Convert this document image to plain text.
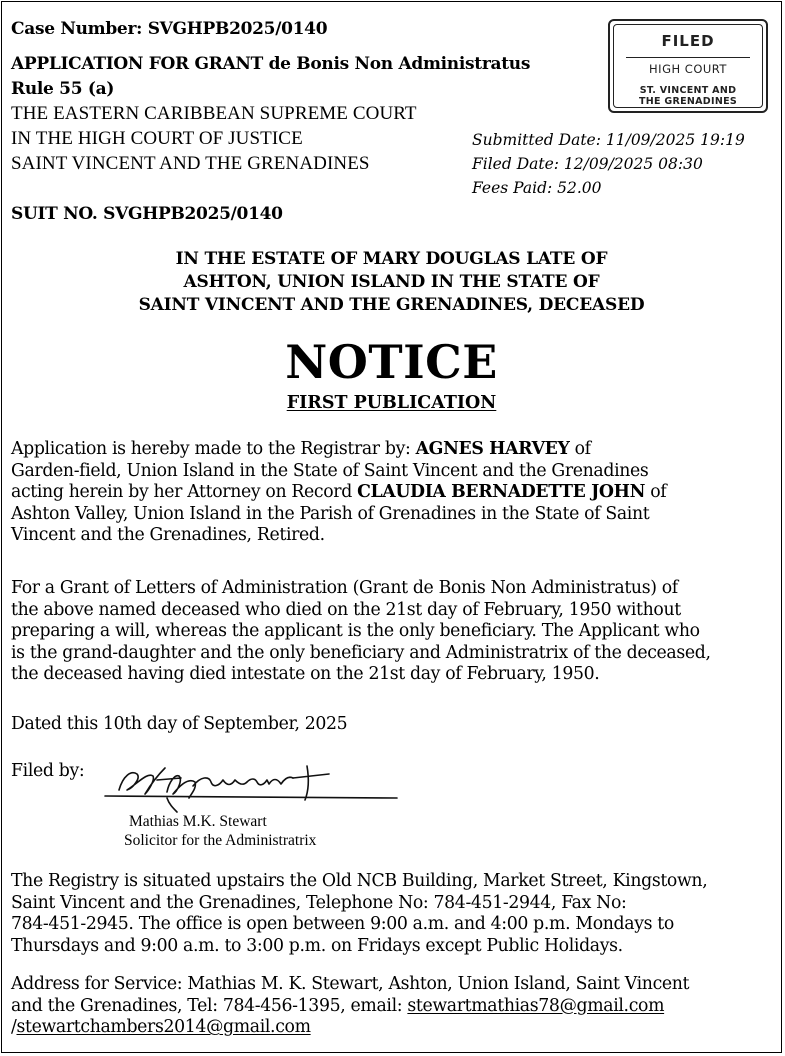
Case Number: SVGHPB2025/0140
APPLICATION FOR GRANT de Bonis Non Administratus
Rule 55 (a)
THE EASTERN CARIBBEAN SUPREME COURT
IN THE HIGH COURT OF JUSTICE
SAINT VINCENT AND THE GRENADINES
FILED
HIGH COURT
ST. VINCENT AND
THE GRENADINES
Submitted Date: 11/09/2025 19:19
Filed Date: 12/09/2025 08:30
Fees Paid: 52.00
SUIT NO. SVGHPB2025/0140
IN THE ESTATE OF MARY DOUGLAS LATE OF
ASHTON, UNION ISLAND IN THE STATE OF
SAINT VINCENT AND THE GRENADINES, DECEASED
NOTICE
FIRST PUBLICATION
Application is hereby made to the Registrar by: AGNES HARVEY of
Garden-field, Union Island in the State of Saint Vincent and the Grenadines
acting herein by her Attorney on Record CLAUDIA BERNADETTE JOHN of
Ashton Valley, Union Island in the Parish of Grenadines in the State of Saint
Vincent and the Grenadines, Retired.
For a Grant of Letters of Administration (Grant de Bonis Non Administratus) of
the above named deceased who died on the 21st day of February, 1950 without
preparing a will, whereas the applicant is the only beneficiary. The Applicant who
is the grand-daughter and the only beneficiary and Administratrix of the deceased,
the deceased having died intestate on the 21st day of February, 1950.
Dated this 10th day of September, 2025
Filed by:
Mathias M.K. Stewart
Solicitor for the Administratrix
The Registry is situated upstairs the Old NCB Building, Market Street, Kingstown,
Saint Vincent and the Grenadines, Telephone No: 784-451-2944, Fax No:
784-451-2945. The office is open between 9:00 a.m. and 4:00 p.m. Mondays to
Thursdays and 9:00 a.m. to 3:00 p.m. on Fridays except Public Holidays.
Address for Service: Mathias M. K. Stewart, Ashton, Union Island, Saint Vincent
and the Grenadines, Tel: 784-456-1395, email: stewartmathias78@gmail.com
/stewartchambers2014@gmail.com
